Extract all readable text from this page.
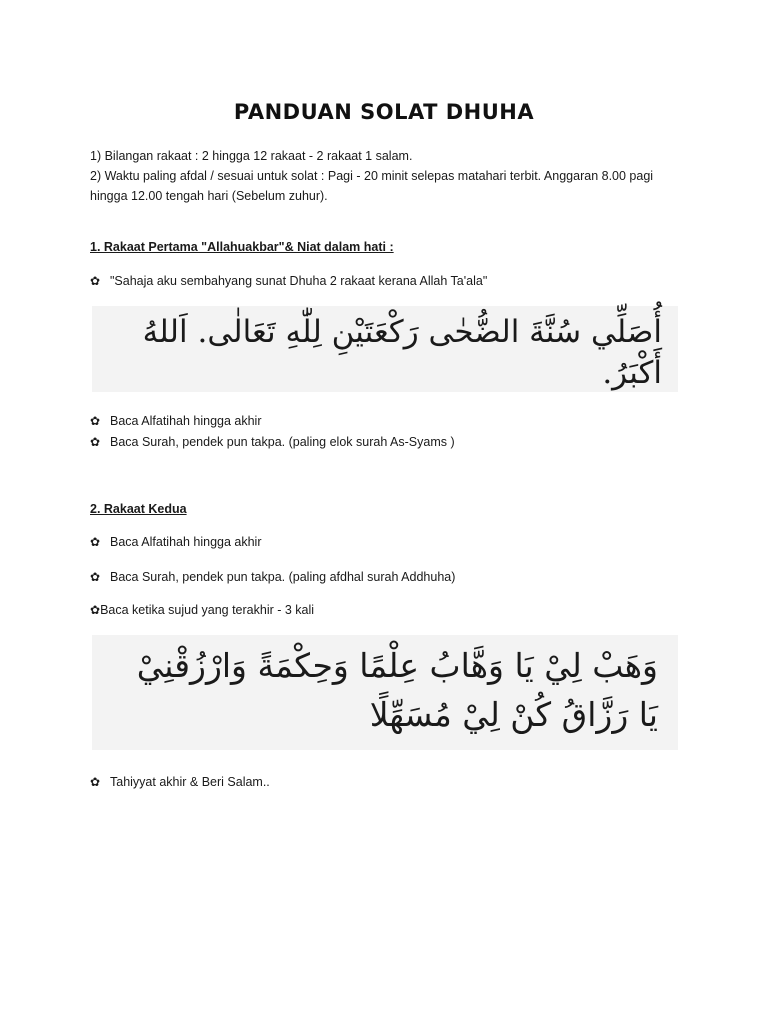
PANDUAN SOLAT DHUHA
1) Bilangan rakaat : 2 hingga 12 rakaat - 2 rakaat 1 salam.
2) Waktu paling afdal / sesuai untuk solat : Pagi - 20 minit selepas matahari terbit. Anggaran 8.00 pagi
hingga 12.00 tengah hari (Sebelum zuhur).
1. Rakaat Pertama "Allahuakbar"& Niat dalam hati :
✿ "Sahaja aku sembahyang sunat Dhuha 2 rakaat kerana Allah Ta'ala"
أُصَلِّي سُنَّةَ الضُّحٰى رَكْعَتَيْنِ لِلّٰهِ تَعَالٰى. اَللهُ
أَكْبَرُ.
✿ Baca Alfatihah hingga akhir
✿ Baca Surah, pendek pun takpa. (paling elok surah As-Syams )
2. Rakaat Kedua
✿ Baca Alfatihah hingga akhir
✿ Baca Surah, pendek pun takpa. (paling afdhal surah Addhuha)
✿Baca ketika sujud yang terakhir - 3 kali
وَهَبْ لِيْ يَا وَهَّابُ عِلْمًا وَحِكْمَةً وَارْزُقْنِيْ
يَا رَزَّاقُ كُنْ لِيْ مُسَهِّلًا
✿ Tahiyyat akhir & Beri Salam..
